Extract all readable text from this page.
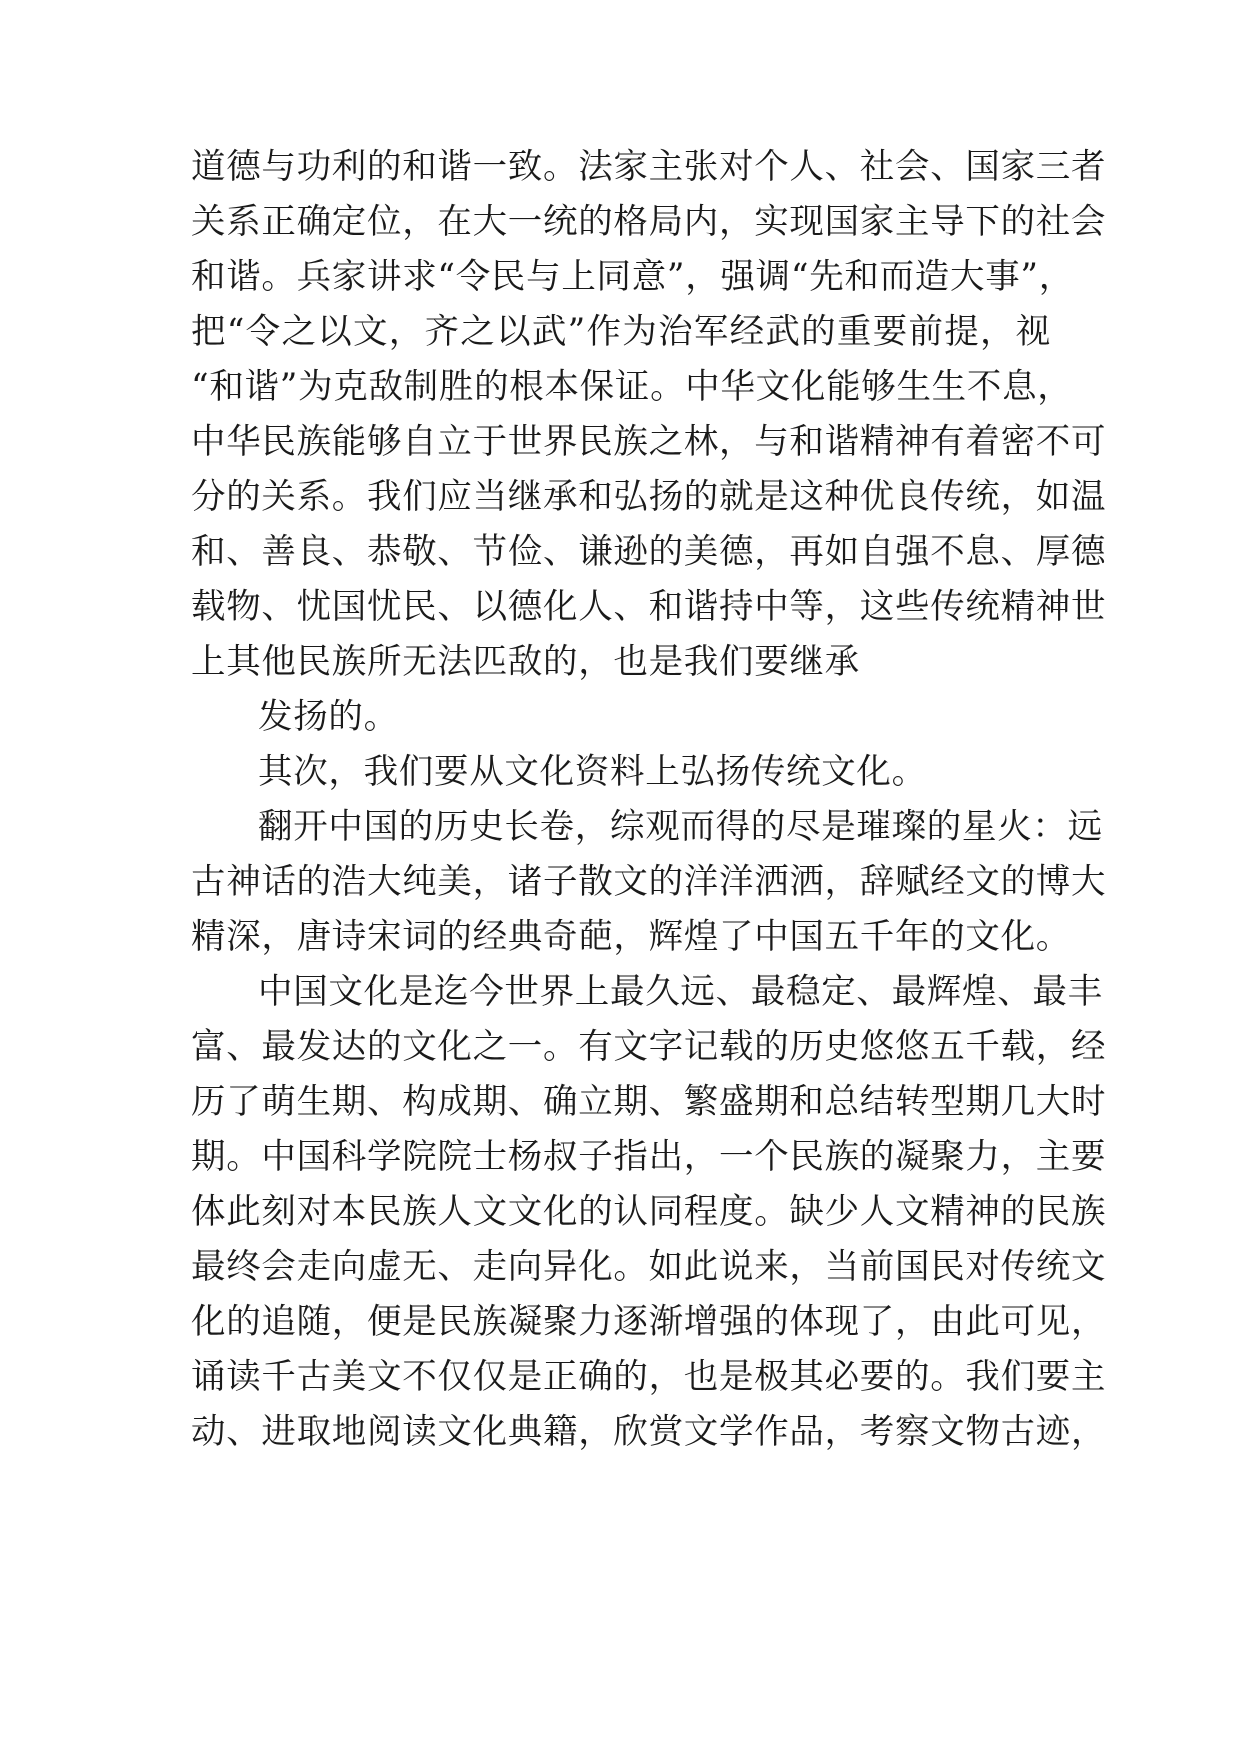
道德与功利的和谐一致。法家主张对个人、社会、国家三者
关系正确定位，在大一统的格局内，实现国家主导下的社会
和谐。兵家讲求“令民与上同意”，强调“先和而造大事”，
把“令之以文，齐之以武”作为治军经武的重要前提，视
“和谐”为克敌制胜的根本保证。中华文化能够生生不息，
中华民族能够自立于世界民族之林，与和谐精神有着密不可
分的关系。我们应当继承和弘扬的就是这种优良传统，如温
和、善良、恭敬、节俭、谦逊的美德，再如自强不息、厚德
载物、忧国忧民、以德化人、和谐持中等，这些传统精神世
上其他民族所无法匹敌的，也是我们要继承
发扬的。
其次，我们要从文化资料上弘扬传统文化。
翻开中国的历史长卷，综观而得的尽是璀璨的星火：远
古神话的浩大纯美，诸子散文的洋洋洒洒，辞赋经文的博大
精深，唐诗宋词的经典奇葩，辉煌了中国五千年的文化。
中国文化是迄今世界上最久远、最稳定、最辉煌、最丰
富、最发达的文化之一。有文字记载的历史悠悠五千载，经
历了萌生期、构成期、确立期、繁盛期和总结转型期几大时
期。中国科学院院士杨叔子指出，一个民族的凝聚力，主要
体此刻对本民族人文文化的认同程度。缺少人文精神的民族
最终会走向虚无、走向异化。如此说来，当前国民对传统文
化的追随，便是民族凝聚力逐渐增强的体现了，由此可见，
诵读千古美文不仅仅是正确的，也是极其必要的。我们要主
动、进取地阅读文化典籍，欣赏文学作品，考察文物古迹，
